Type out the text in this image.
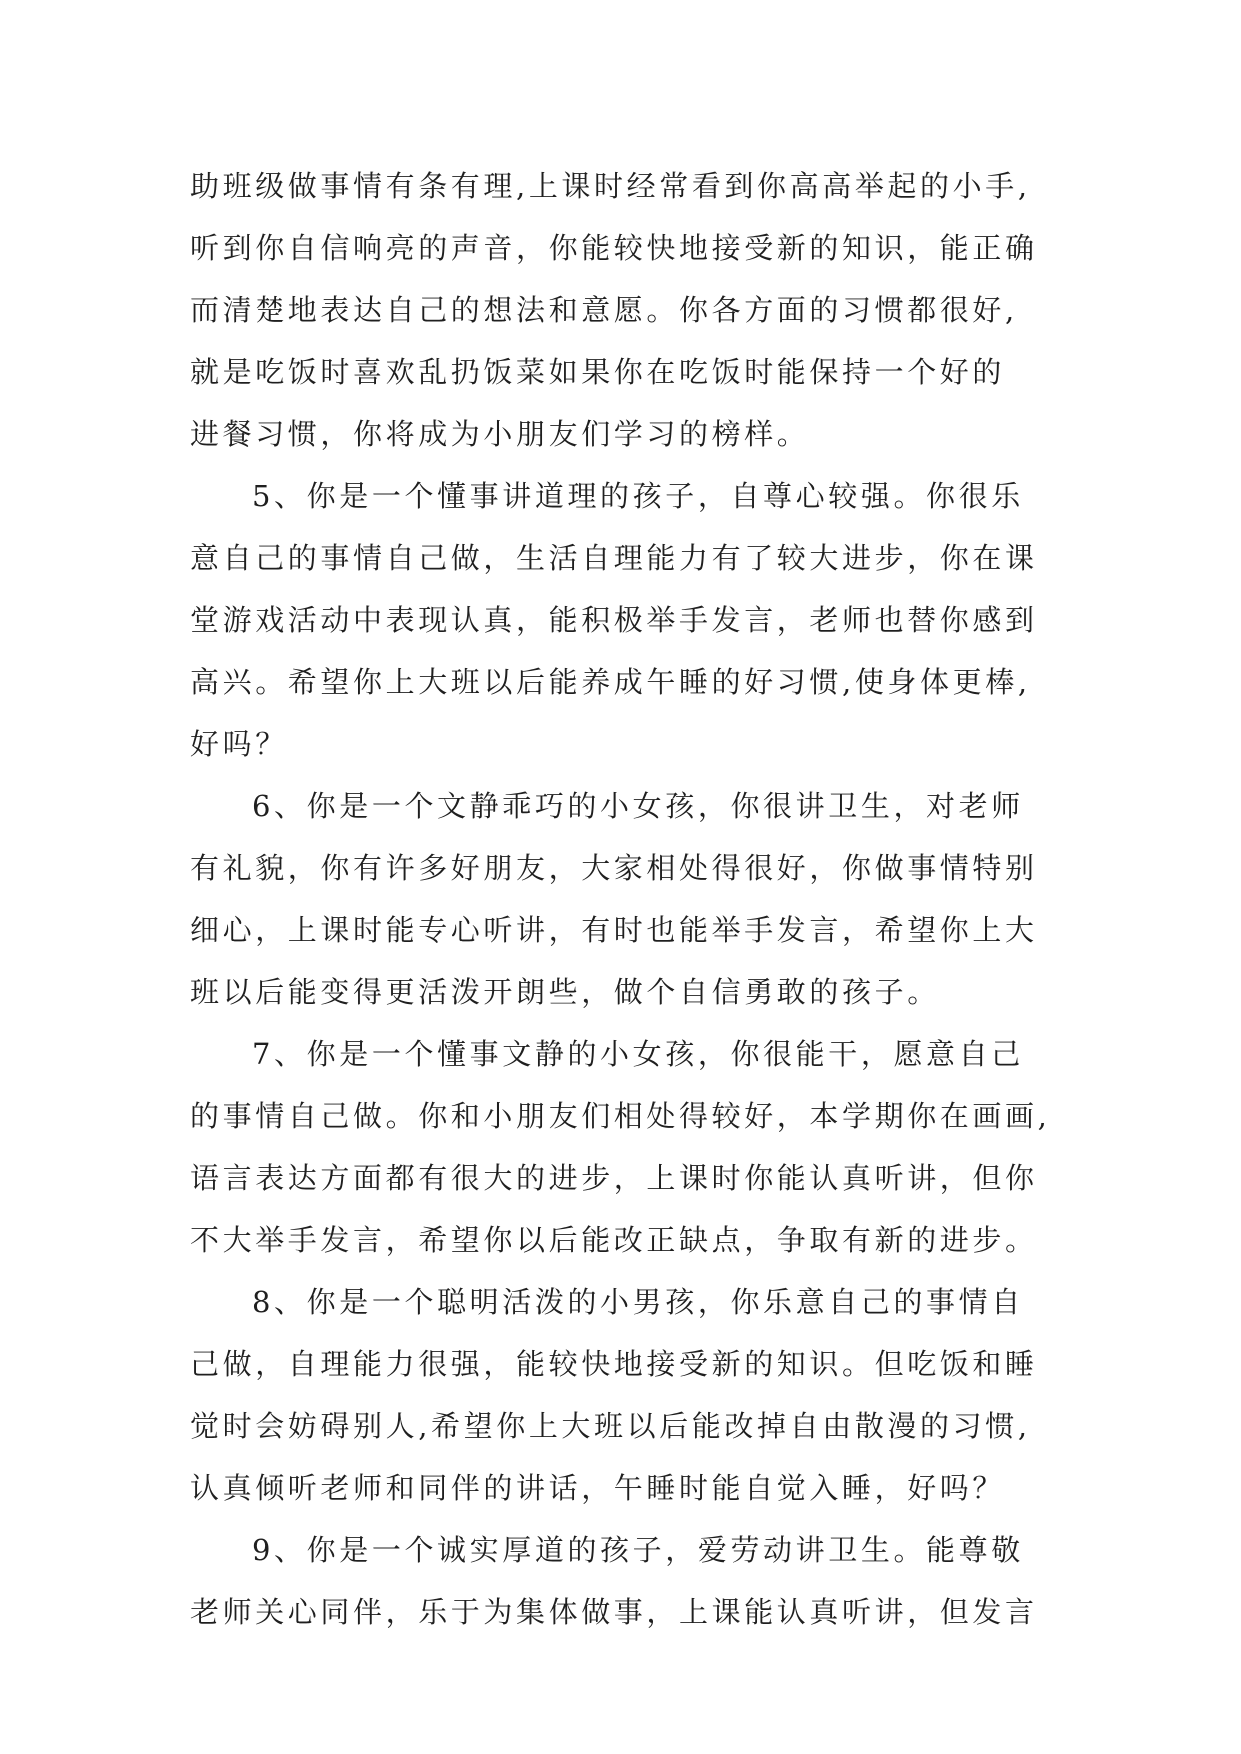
助班级做事情有条有理,上课时经常看到你高高举起的小手,
听到你自信响亮的声音，你能较快地接受新的知识，能正确
而清楚地表达自己的想法和意愿。你各方面的习惯都很好,
就是吃饭时喜欢乱扔饭菜如果你在吃饭时能保持一个好的
进餐习惯，你将成为小朋友们学习的榜样。
5、你是一个懂事讲道理的孩子，自尊心较强。你很乐
意自己的事情自己做，生活自理能力有了较大进步，你在课
堂游戏活动中表现认真，能积极举手发言，老师也替你感到
高兴。希望你上大班以后能养成午睡的好习惯,使身体更棒,
好吗？
6、你是一个文静乖巧的小女孩，你很讲卫生，对老师
有礼貌，你有许多好朋友，大家相处得很好，你做事情特别
细心，上课时能专心听讲，有时也能举手发言，希望你上大
班以后能变得更活泼开朗些，做个自信勇敢的孩子。
7、你是一个懂事文静的小女孩，你很能干，愿意自己
的事情自己做。你和小朋友们相处得较好，本学期你在画画,
语言表达方面都有很大的进步，上课时你能认真听讲，但你
不大举手发言，希望你以后能改正缺点，争取有新的进步。
8、你是一个聪明活泼的小男孩，你乐意自己的事情自
己做，自理能力很强，能较快地接受新的知识。但吃饭和睡
觉时会妨碍别人,希望你上大班以后能改掉自由散漫的习惯,
认真倾听老师和同伴的讲话，午睡时能自觉入睡，好吗？
9、你是一个诚实厚道的孩子，爱劳动讲卫生。能尊敬
老师关心同伴，乐于为集体做事，上课能认真听讲，但发言
